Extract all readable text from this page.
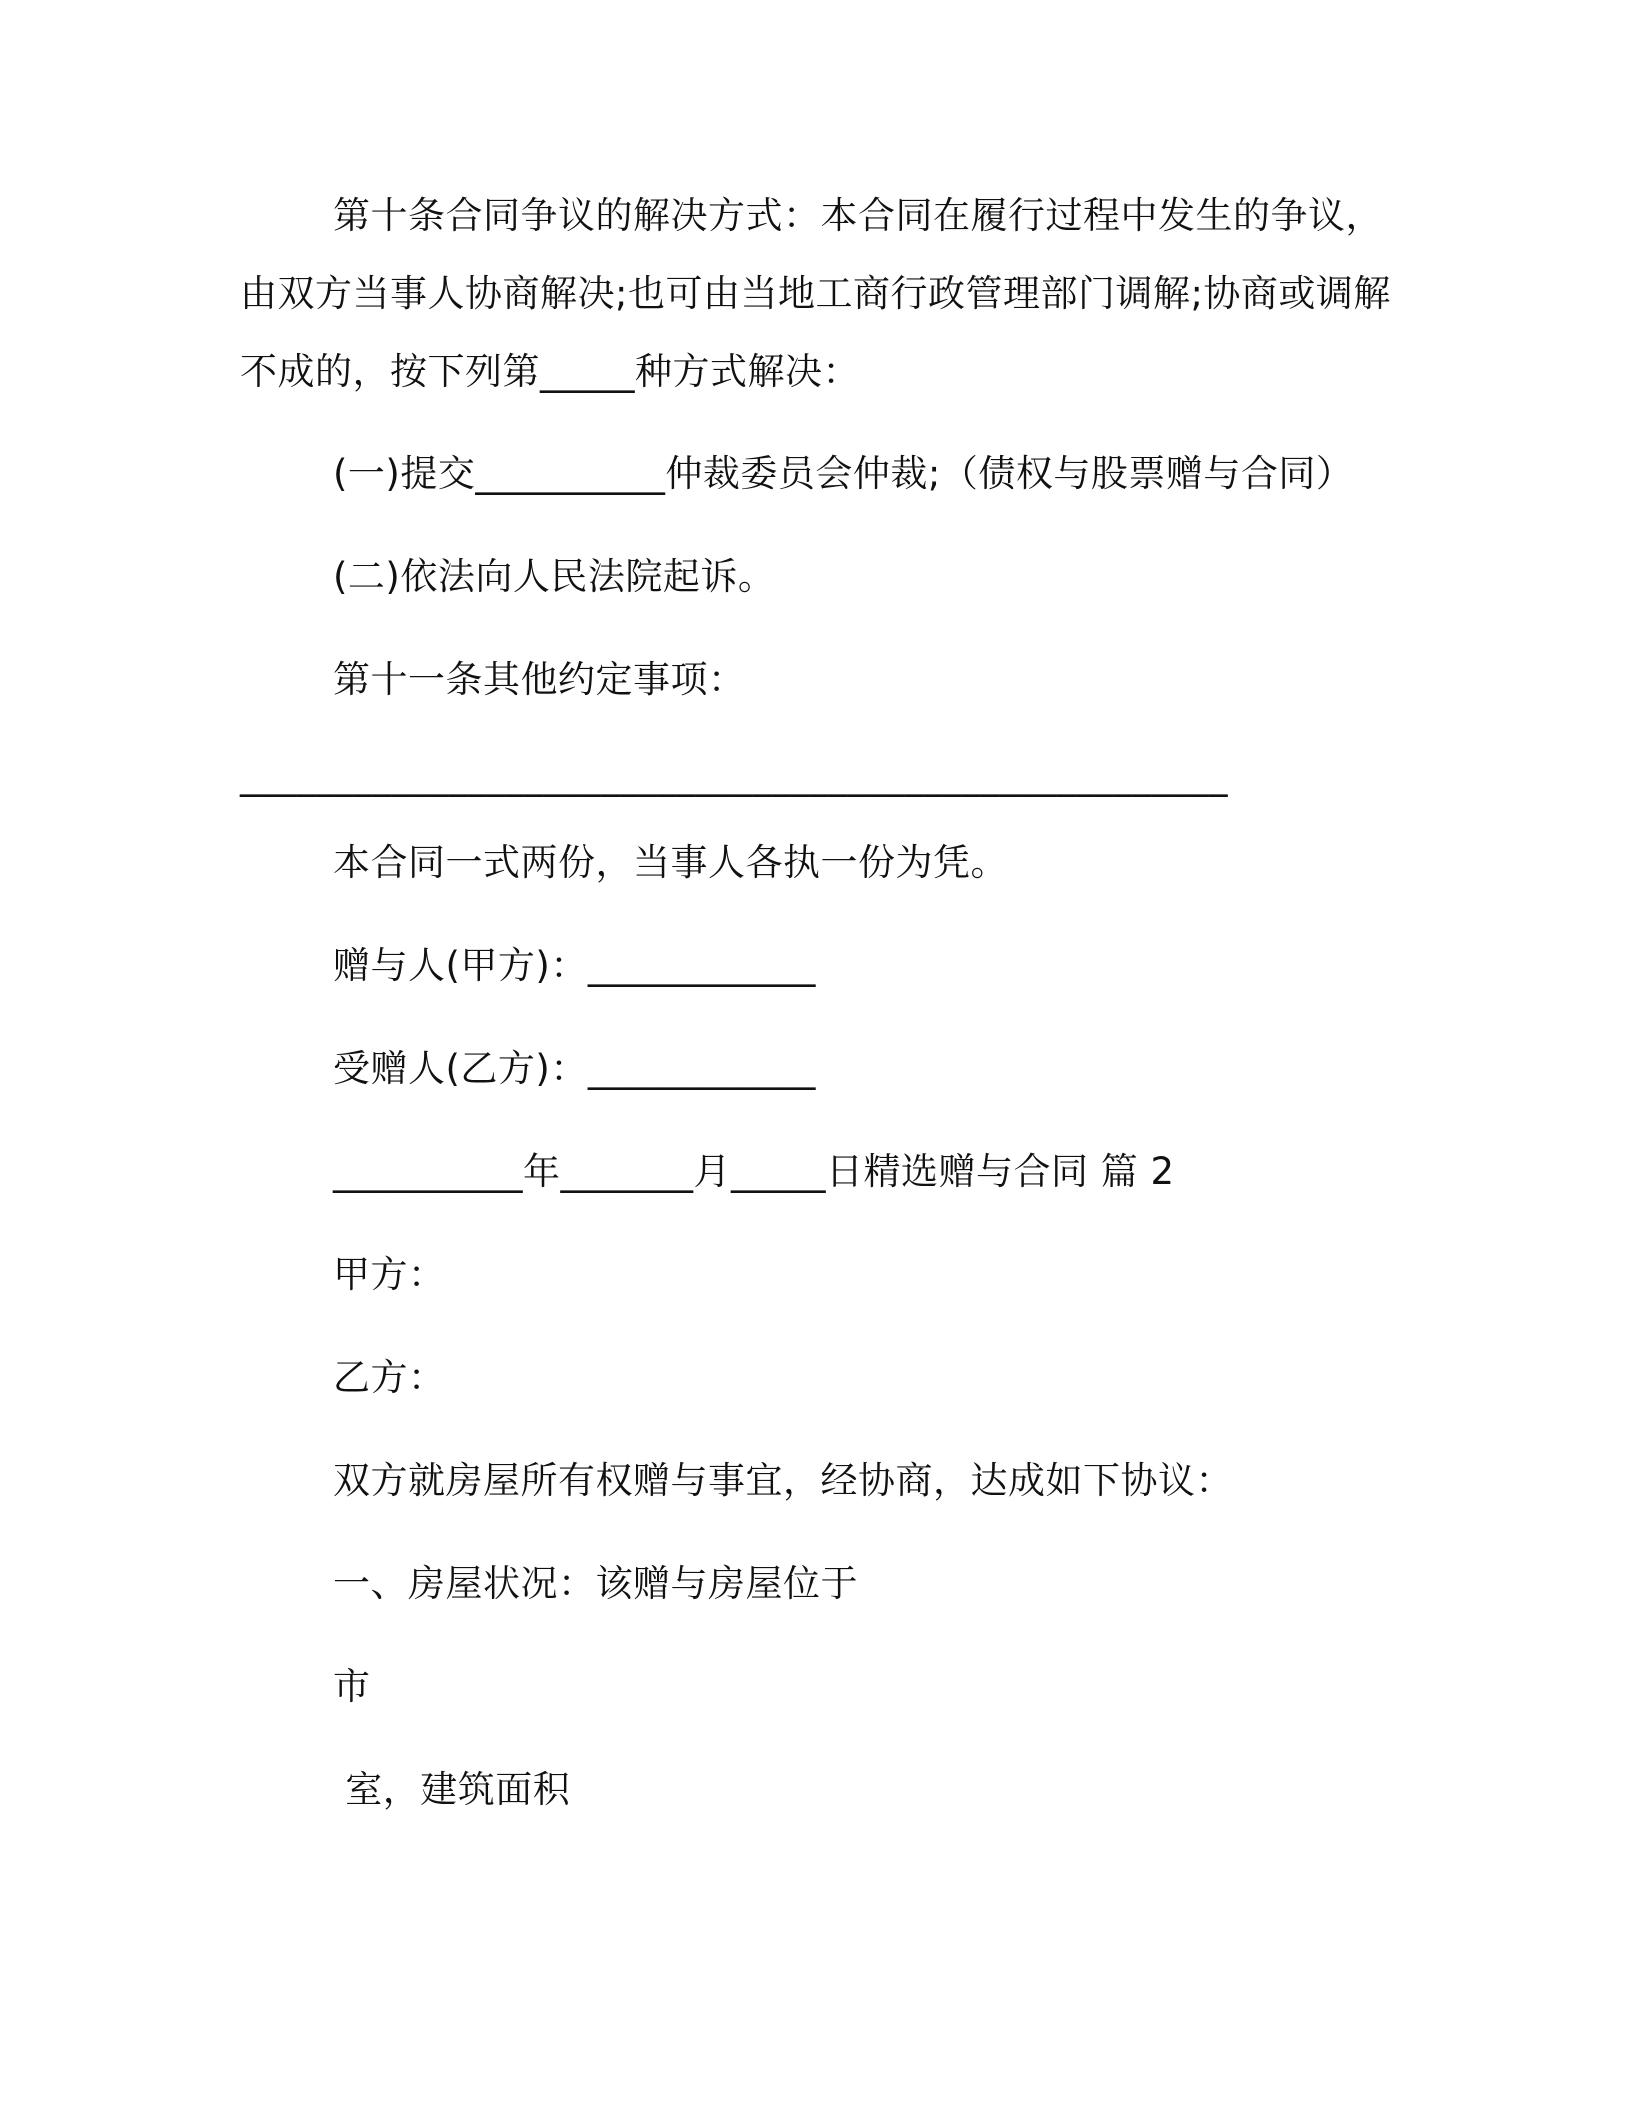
第十条合同争议的解决方式：本合同在履行过程中发生的争议，
由双方当事人协商解决;也可由当地工商行政管理部门调解;协商或调解
不成的，按下列第_____种方式解决：
(一)提交__________仲裁委员会仲裁;（债权与股票赠与合同）
(二)依法向人民法院起诉。
第十一条其他约定事项：
____________________________________________________
本合同一式两份，当事人各执一份为凭。
赠与人(甲方)：____________
受赠人(乙方)：____________
__________年_______月_____日精选赠与合同 篇 2
甲方：
乙方：
双方就房屋所有权赠与事宜，经协商，达成如下协议：
一、房屋状况：该赠与房屋位于
市
室，建筑面积
